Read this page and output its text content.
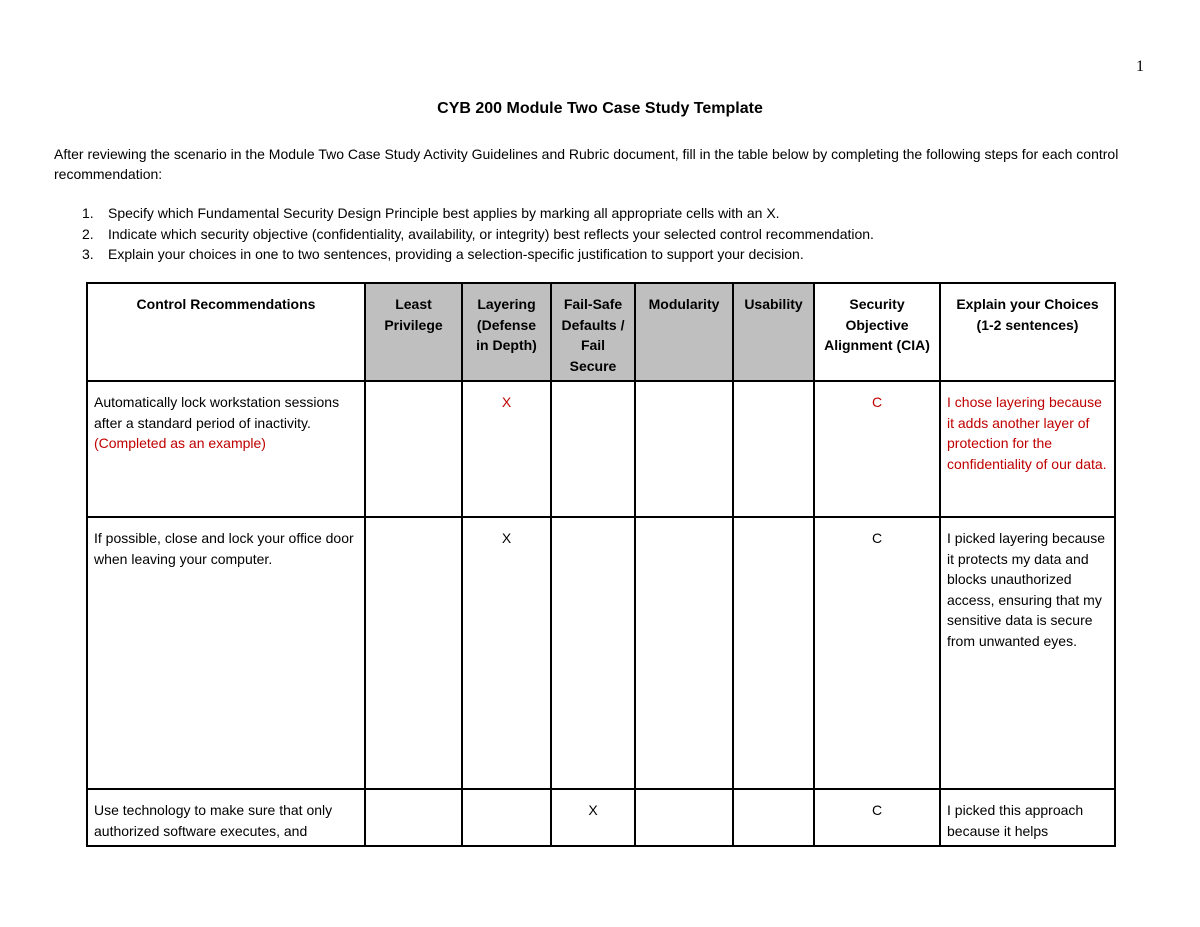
1
CYB 200 Module Two Case Study Template

After reviewing the scenario in the Module Two Case Study Activity Guidelines and Rubric document, fill in the table below by completing the following steps for each control recommendation:

1.	Specify which Fundamental Security Design Principle best applies by marking all appropriate cells with an X.
2.	Indicate which security objective (confidentiality, availability, or integrity) best reflects your selected control recommendation.
3.	Explain your choices in one to two sentences, providing a selection-specific justification to support your decision.
Control Recommendations	Least Privilege	Layering (Defense in Depth)	Fail-Safe Defaults / Fail Secure	Modularity	Usability	Security Objective Alignment (CIA)	Explain your Choices (1-2 sentences)
Automatically lock workstation sessions after a standard period of inactivity. (Completed as an example)		X				C	I chose layering because it adds another layer of protection for the confidentiality of our data.
If possible, close and lock your office door when leaving your computer.		X				C	I picked layering because it protects my data and blocks unauthorized access, ensuring that my sensitive data is secure from unwanted eyes.
Use technology to make sure that only authorized software executes, and			X			C	I picked this approach because it helps
